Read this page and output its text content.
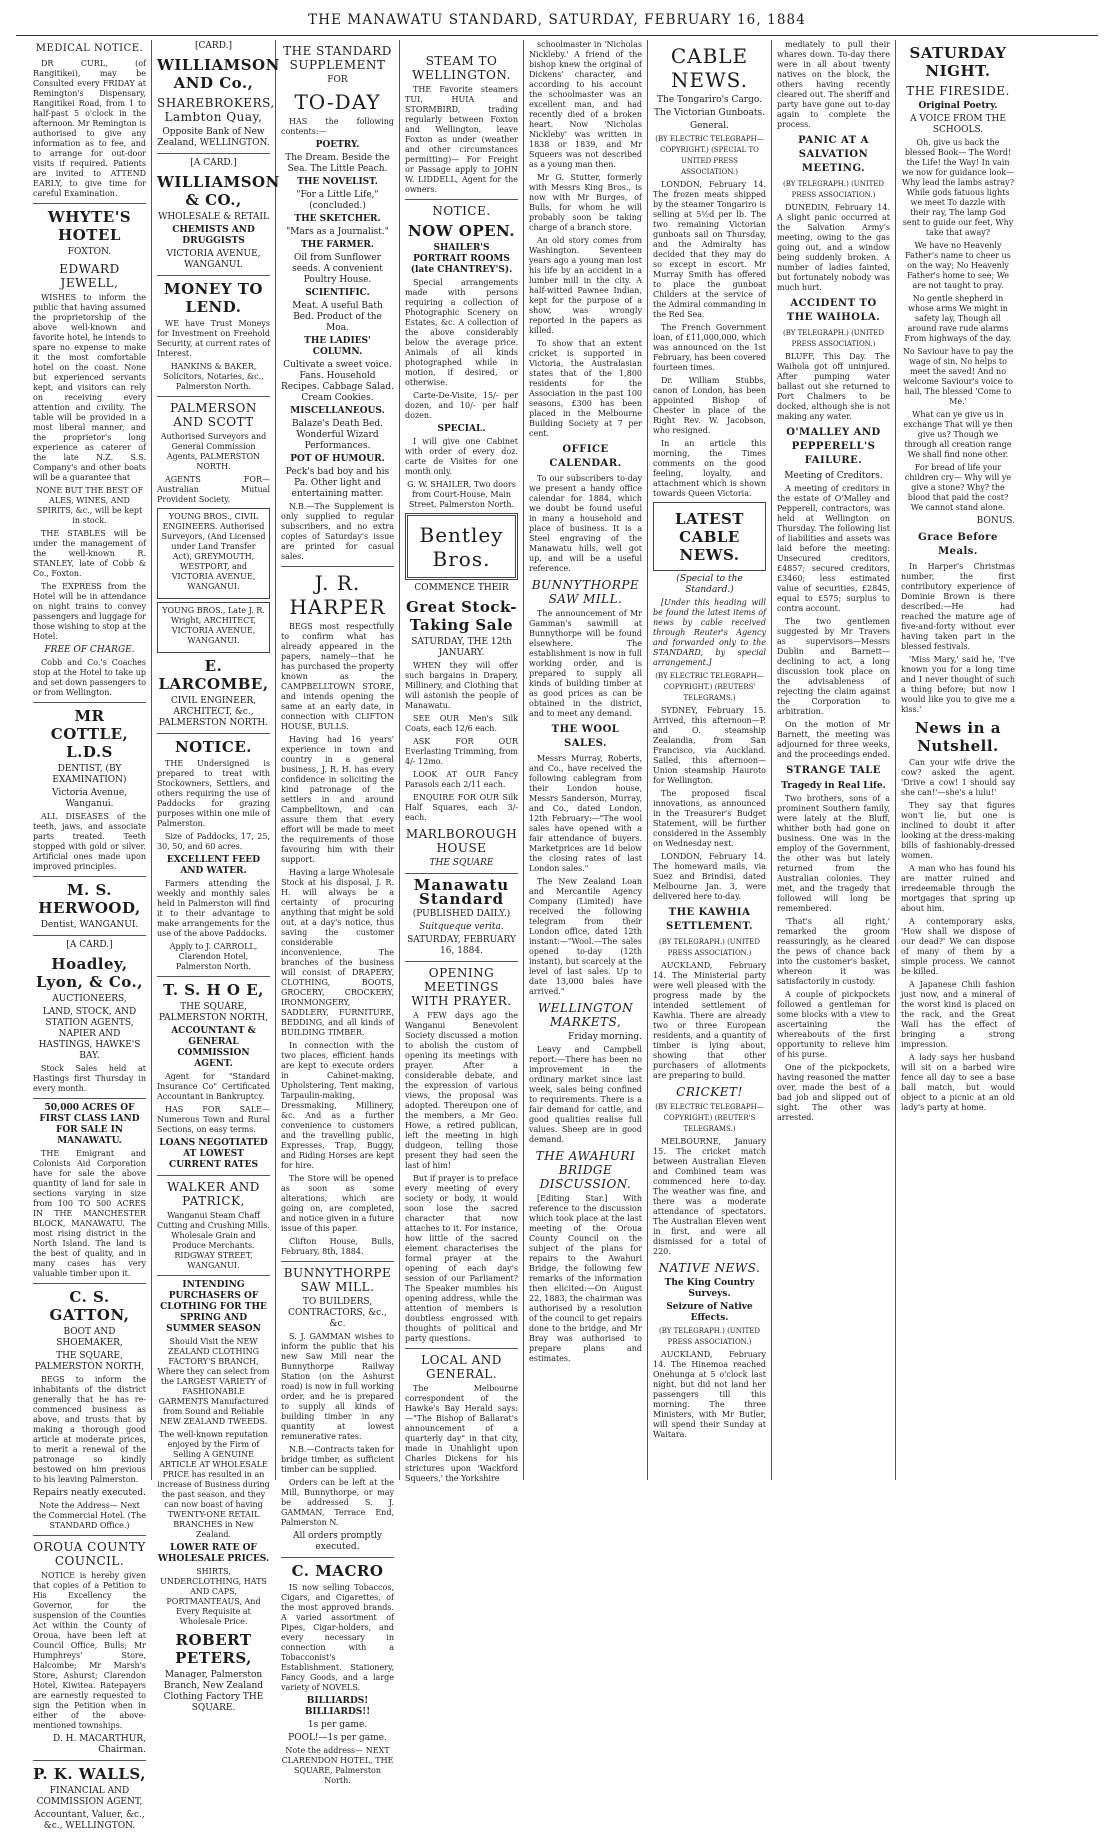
THE MANAWATU STANDARD, SATURDAY, FEBRUARY 16, 1884
MEDICAL NOTICE.

DR CURL, (of Rangitikei), may be Consulted every FRIDAY at Remington's Dispensary, Rangitikei Road, from 1 to half-past 5 o'clock in the afternoon. Mr Remington is authorised to give any information as to fee, and to arrange for out-door visits if required. Patients are invited to ATTEND EARLY, to give time for careful Examination.

WHYTE'S HOTEL
FOXTON.
EDWARD JEWELL,

WISHES to inform the public that having assumed the proprietorship of the above well-known and favorite hotel, he intends to spare no expense to make it the most comfortable hotel on the coast. None but experienced servants kept, and visitors can rely on receiving every attention and civility. The table will be provided in a most liberal manner, and the proprietor's long experience as caterer of the late N.Z. S.S. Company's and other boats will be a guarantee that

NONE BUT THE BEST OF ALES, WINES, AND SPIRITS, &c., will be kept in stock.

THE STABLES will be under the management of the well-known R. STANLEY, late of Cobb & Co., Foxton.

The EXPRESS from the Hotel will be in attendance on night trains to convey passengers and luggage for those wishing to stop at the Hotel.

FREE OF CHARGE.

Cobb and Co.'s Coaches stop at the Hotel to take up and set down passengers to or from Wellington.

MR COTTLE, L.D.S
DENTIST, (BY EXAMINATION)
Victoria Avenue, Wanganui.

ALL DISEASES of the teeth, jaws, and associate parts treated. Teeth stopped with gold or silver. Artificial ones made upon improved principles.

M. S. HERWOOD,
Dentist, WANGANUI.
[A CARD.]
Hoadley, Lyon, & Co.,
AUCTIONEERS,
LAND, STOCK, AND STATION AGENTS, NAPIER AND HASTINGS, HAWKE'S BAY.

Stock Sales held at Hastings first Thursday in every month.

50,000 ACRES OF FIRST CLASS LAND FOR SALE IN MANAWATU.

THE Emigrant and Colonists Aid Corporation have for sale the above quantity of land for sale in sections varying in size from 100 TO 500 ACRES IN THE MANCHESTER BLOCK, MANAWATU. The most rising district in the North Island. The land is the best of quality, and in many cases has very valuable timber upon it.

C. S. GATTON,
BOOT AND SHOEMAKER,
THE SQUARE, PALMERSTON NORTH,

BEGS to inform the inhabitants of the district generally that he has re-commenced business as above, and trusts that by making a thorough good article at moderate prices, to merit a renewal of the patronage so kindly bestowed on him previous to his leaving Palmerston.

Repairs neatly executed.

Note the Address— Next the Commercial Hotel. (The STANDARD Office.)

OROUA COUNTY COUNCIL.

NOTICE is hereby given that copies of a Petition to His Excellency the Governor, for the suspension of the Counties Act within the County of Oroua, have been left at Council Office, Bulls; Mr Humphreys' Store, Halcombe; Mr Marsh's Store, Ashurst; Clarendon Hotel, Kiwitea. Ratepayers are earnestly requested to sign the Petition when in either of the above-mentioned townships.

D. H. MACARTHUR, Chairman.
P. K. WALLS,
FINANCIAL AND COMMISSION AGENT,
Accountant, Valuer, &c., &c., WELLINGTON.
[CARD.]
WILLIAMSON AND Co.,
SHAREBROKERS, Lambton Quay,
Opposite Bank of New Zealand, WELLINGTON.
[A CARD.]
WILLIAMSON & CO.,
WHOLESALE & RETAIL
CHEMISTS AND DRUGGISTS
VICTORIA AVENUE, WANGANUI.
MONEY TO LEND.

WE have Trust Moneys for Investment on Freehold Security, at current rates of Interest.

HANKINS & BAKER, Solicitors, Notaries, &c., Palmerston North.

PALMERSON AND SCOTT

Authorised Surveyors and General Commission Agents, PALMERSTON NORTH.

AGENTS FOR—Australian Mutual Provident Society.

YOUNG BROS., CIVIL ENGINEERS. Authorised Surveyors, (And Licensed under Land Transfer Act), GREYMOUTH, WESTPORT, and VICTORIA AVENUE, WANGANUI.

YOUNG BROS., Late J. R. Wright, ARCHITECT, VICTORIA AVENUE, WANGANUI.

E. LARCOMBE,
CIVIL ENGINEER, ARCHITECT, &c., PALMERSTON NORTH.
NOTICE.

THE Undersigned is prepared to treat with Stockowners, Settlers, and others requiring the use of Paddocks for grazing purposes within one mile of Palmerston.

Size of Paddocks, 17, 25, 30, 50, and 60 acres.

EXCELLENT FEED AND WATER.

Farmers attending the weekly and monthly sales held in Palmerston will find it to their advantage to make arrangements for the use of the above Paddocks.

Apply to J. CARROLL, Clarendon Hotel, Palmerston North.

T. S. H O E,
THE SQUARE, PALMERSTON NORTH,
ACCOUNTANT & GENERAL COMMISSION AGENT.

Agent for "Standard Insurance Co" Certificated Accountant in Bankruptcy.

HAS FOR SALE—Numerous Town and Rural Sections, on easy terms.

LOANS NEGOTIATED AT LOWEST CURRENT RATES
WALKER AND PATRICK,

Wanganui Steam Chaff Cutting and Crushing Mills. Wholesale Grain and Produce Merchants. RIDGWAY STREET, WANGANUI.

INTENDING PURCHASERS OF CLOTHING FOR THE SPRING AND SUMMER SEASON

Should Visit the NEW ZEALAND CLOTHING FACTORY'S BRANCH, Where they can select from the LARGEST VARIETY of FASHIONABLE GARMENTS Manufactured from Sound and Reliable NEW ZEALAND TWEEDS.

The well-known reputation enjoyed by the Firm of Selling A GENUINE ARTICLE AT WHOLESALE PRICE has resulted in an increase of Business during the past season, and they can now boast of having TWENTY-ONE RETAIL BRANCHES in New Zealand.

LOWER RATE OF WHOLESALE PRICES.

SHIRTS, UNDERCLOTHING, HATS AND CAPS, PORTMANTEAUS, And Every Requisite at Wholesale Price.

ROBERT PETERS,
Manager, Palmerston Branch, New Zealand Clothing Factory THE SQUARE.
THE STANDARD SUPPLEMENT
FOR
TO-DAY

HAS the following contents:—

POETRY.
The Dream. Beside the Sea. The Little Peach.
THE NOVELIST.
"For a Little Life," (concluded.)
THE SKETCHER.
"Mars as a Journalist."
THE FARMER.
Oil from Sunflower seeds. A convenient Poultry House.
SCIENTIFIC.
Meat. A useful Bath Bed. Product of the Moa.
THE LADIES' COLUMN.
Cultivate a sweet voice. Fans. Household Recipes. Cabbage Salad. Cream Cookies.
MISCELLANEOUS.
Balaze's Death Bed. Wonderful Wizard Performances.
POT OF HUMOUR.
Peck's bad boy and his Pa. Other light and entertaining matter.

N.B.—The Supplement is only supplied to regular subscribers, and no extra copies of Saturday's issue are printed for casual sales.

J. R. HARPER

BEGS most respectfully to confirm what has already appeared in the papers, namely—that he has purchased the property known as the CAMPBELLTOWN STORE, and intends opening the same at an early date, in connection with CLIFTON HOUSE, BULLS.

Having had 16 years' experience in town and country in a general business, J. R. H. has every confidence in soliciting the kind patronage of the settlers in and around Campbelltown, and can assure them that every effort will be made to meet the requirements of those favouring him with their support.

Having a large Wholesale Stock at his disposal, J. R. H. will always be a certainty of procuring anything that might be sold out, at a day's notice, thus saving the customer considerable inconvenience. The branches of the business will consist of DRAPERY, CLOTHING, BOOTS, GROCERY, CROCKERY, IRONMONGERY, SADDLERY, FURNITURE, BEDDING, and all kinds of BUILDING TIMBER.

In connection with the two places, efficient hands are kept to execute orders in Cabinet-making, Upholstering, Tent making, Tarpaulin-making, Dressmaking, Millinery, &c. And as a further convenience to customers and the travelling public, Expresses, Trap, Buggy, and Riding Horses are kept for hire.

The Store will be opened as soon as some alterations, which are going on, are completed, and notice given in a future issue of this paper.

Clifton House, Bulls, February, 8th, 1884.

BUNNYTHORPE SAW MILL.
TO BUILDERS, CONTRACTORS, &c., &c.

S. J. GAMMAN wishes to inform the public that his new Saw Mill near the Bunnythorpe Railway Station (on the Ashurst road) is now in full working order, and he is prepared to supply all kinds of building timber in any quantity at lowest remunerative rates.

N.B.—Contracts taken for bridge timber, as sufficient timber can be supplied.

Orders can be left at the Mill, Bunnythorpe, or may be addressed S. J. GAMMAN, Terrace End, Palmerston N.

All orders promptly executed.
C. MACRO

IS now selling Tobaccos, Cigars, and Cigarettes, of the most approved brands. A varied assortment of Pipes, Cigar-holders, and every necessary in connection with a Tobacconist's Establishment. Stationery, Fancy Goods, and a large variety of NOVELS.

BILLIARDS! BILLIARDS!!
1s per game.
POOL!—1s per game.

Note the address— NEXT CLARENDON HOTEL, THE SQUARE, Palmerston North.

STEAM TO WELLINGTON.

THE Favorite steamers TUI, HUIA and STORMBIRD, trading regularly between Foxton and Wellington, leave Foxton as under (weather and other circumstances permitting)— For Freight or Passage apply to JOHN W. LIDDELL, Agent for the owners.

NOTICE.
NOW OPEN.
SHAILER'S PORTRAIT ROOMS (late CHANTREY'S).

Special arrangements made with persons requiring a collection of Photographic Scenery on Estates, &c. A collection of the above considerably below the average price. Animals of all kinds photographed while in motion, if desired, or otherwise.

Carte-De-Visite, 15/- per dozen, and 10/- per half dozen.

SPECIAL.

I will give one Cabinet with order of every doz. carte de Visites for one month only.

G. W. SHAILER, Two doors from Court-House, Main Street, Palmerston North.

Bentley Bros.
COMMENCE THEIR
Great Stock-Taking Sale
SATURDAY, THE 12th JANUARY.

WHEN they will offer such bargains in Drapery, Millinery, and Clothing that will astonish the people of Manawatu.

SEE OUR Men's Silk Coats, each 12/6 each.

ASK FOR OUR Everlasting Trimming, from 4/- 12mo.

LOOK AT OUR Fancy Parasols each 2/11 each.

ENQUIRE FOR OUR Silk Half Squares, each 3/- each.

MARLBOROUGH HOUSE
THE SQUARE
Manawatu Standard
(PUBLISHED DAILY.)
Suitqueque verita.
SATURDAY, FEBRUARY 16, 1884.
OPENING MEETINGS WITH PRAYER.

A FEW days ago the Wanganui Benevolent Society discussed a motion to abolish the custom of opening its meetings with prayer. After a considerable debate, and the expression of various views, the proposal was adopted. Thereupon one of the members, a Mr Geo. Howe, a retired publican, left the meeting in high dudgeon, telling those present they had seen the last of him!

But if prayer is to preface every meeting of every society or body, it would soon lose the sacred character that now attaches to it. For instance, how little of the sacred element characterises the formal prayer at the opening of each day's session of our Parliament? The Speaker mumbles his opening address, while the attention of members is doubtless engrossed with thoughts of political and party questions.

LOCAL AND GENERAL.

The Melbourne correspondent of the Hawke's Bay Herald says:—"The Bishop of Ballarat's announcement of a quarterly day" in that city, made in Unahlight upon Charles Dickens for his strictures upon 'Wackford Squeers,' the Yorkshire

schoolmaster in 'Nicholas Nickleby.' A friend of the bishop knew the original of Dickens' character, and according to his account the schoolmaster was an excellent man, and had recently died of a broken heart. Now 'Nicholas Nickleby' was written in 1838 or 1839, and Mr Squeers was not described as a young man then.

Mr G. Stutter, formerly with Messrs King Bros., is now with Mr Burges, of Bulls, for whom he will probably soon be taking charge of a branch store.

An old story comes from Washington. Seventeen years ago a young man lost his life by an accident in a lumber mill in the city. A half-witted Pawnee Indian, kept for the purpose of a show, was wrongly reported in the papers as killed.

To show that an extent cricket is supported in Victoria, the Australasian states that of the 1,800 residents for the Association in the past 100 seasons, £300 has been placed in the Melbourne Building Society at 7 per cent.

OFFICE CALENDAR.

To our subscribers to-day we present a handy office calendar for 1884, which we doubt be found useful in many a household and place of business. It is a Steel engraving of the Manawatu hills, well got up, and will be a useful reference.

BUNNYTHORPE SAW MILL.

The announcement of Mr Gamman's sawmill at Bunnythorpe will be found elsewhere. The establishment is now in full working order, and is prepared to supply all kinds of building timber at as good prices as can be obtained in the district, and to meet any demand.

THE WOOL SALES.

Messrs Murray, Roberts, and Co., have received the following cablegram from their London house, Messrs Sanderson, Murray, and Co., dated London, 12th February:—"The wool sales have opened with a fair attendance of buyers. Marketprices are 1d below the closing rates of last London sales."

The New Zealand Loan and Mercantile Agency Company (Limited) have received the following telegram from their London office, dated 12th instant:—"Wool.—The sales opened to-day (12th instant), but scarcely at the level of last sales. Up to date 13,000 bales have arrived."

WELLINGTON MARKETS,
Friday morning.

Leavy and Campbell report:—There has been no improvement in the ordinary market since last week, sales being confined to requirements. There is a fair demand for cattle, and good qualities realise full values. Sheep are in good demand.

THE AWAHURI BRIDGE DISCUSSION.

[Editing Star.] With reference to the discussion which took place at the last meeting of the Oroua County Council on the subject of the plans for repairs to the Awahuri Bridge, the following few remarks of the information then elicited:—On August 22, 1883, the chairman was authorised by a resolution of the council to get repairs done to the bridge, and Mr Bray was authorised to prepare plans and estimates.

CABLE NEWS.
The Tongariro's Cargo.
The Victorian Gunboats.
General.
(BY ELECTRIC TELEGRAPH—COPYRIGHT.) (SPECIAL TO UNITED PRESS ASSOCIATION.)

LONDON, February 14. The frozen meats shipped by the steamer Tongariro is selling at 5½d per lb. The two remaining Victorian gunboats sail on Thursday, and the Admiralty has decided that they may do so except in escort. Mr Murray Smith has offered to place the gunboat Childers at the service of the Admiral commanding in the Red Sea.

The French Government loan, of £11,000,000, which was announced on the 1st February, has been covered fourteen times.

Dr. William Stubbs, canon of London, has been appointed Bishop of Chester in place of the Right Rev. W. Jacobson, who resigned.

In an article this morning, the Times comments on the good feeling, loyalty, and attachment which is shown towards Queen Victoria.

LATEST CABLE NEWS.
(Special to the Standard.)

[Under this heading will be found the latest items of news by cable received through Reuter's Agency and forwarded only to the STANDARD, by special arrangement.]

(BY ELECTRIC TELEGRAPH—COPYRIGHT.) (REUTERS' TELEGRAMS.)

SYDNEY, February 15. Arrived, this afternoon—P. and O. steamship Zealandia, from San Francisco, via Auckland. Sailed, this afternoon—Union steamship Hauroto for Wellington.

The proposed fiscal innovations, as announced in the Treasurer's Budget Statement, will be further considered in the Assembly on Wednesday next.

LONDON, February 14. The homeward mails, via Suez and Brindisi, dated Melbourne Jan. 3, were delivered here to-day.

THE KAWHIA SETTLEMENT.
(BY TELEGRAPH.) (UNITED PRESS ASSOCIATION.)

AUCKLAND, February 14. The Ministerial party were well pleased with the progress made by the intended settlement of Kawhia. There are already two or three European residents, and a quantity of timber is lying about, showing that other purchasers of allotments are preparing to build.

CRICKET!
(BY ELECTRIC TELEGRAPH—COPYRIGHT.) (REUTER'S TELEGRAMS.)

MELBOURNE, January 15. The cricket match between Australian Eleven and Combined team was commenced here to-day. The weather was fine, and there was a moderate attendance of spectators. The Australian Eleven went in first, and were all dismissed for a total of 220.

NATIVE NEWS.
The King Country Surveys.
Seizure of Native Effects.
(BY TELEGRAPH.) (UNITED PRESS ASSOCIATION.)

AUCKLAND, February 14. The Hinemoa reached Onehunga at 5 o'clock last night, but did not land her passengers till this morning. The three Ministers, with Mr Butler, will spend their Sunday at Waitara.

mediately to pull their whares down. To-day there were in all about twenty natives on the block, the others having recently cleared out. The sheriff and party have gone out to-day again to complete the process.

PANIC AT A SALVATION MEETING.
(BY TELEGRAPH.) (UNITED PRESS ASSOCIATION.)

DUNEDIN, February 14. A slight panic occurred at the Salvation Army's meeting, owing to the gas going out, and a window being suddenly broken. A number of ladies fainted, but fortunately nobody was much hurt.

ACCIDENT TO THE WAIHOLA.
(BY TELEGRAPH.) (UNITED PRESS ASSOCIATION.)

BLUFF, This Day. The Waihola got off uninjured. After pumping water ballast out she returned to Port Chalmers to be docked, although she is not making any water.

O'MALLEY AND PEPPERELL'S FAILURE.
Meeting of Creditors.

A meeting of creditors in the estate of O'Malley and Pepperell, contractors, was held at Wellington on Thursday. The following list of liabilities and assets was laid before the meeting: Unsecured creditors, £4857; secured creditors, £3460; less estimated value of securities, £2845, equal to £575; surplus to contra account.

The two gentlemen suggested by Mr Travers as supervisors—Messrs Dublin and Barnett—declining to act, a long discussion took place on the advisableness of rejecting the claim against the Corporation to arbitration.

On the motion of Mr Barnett, the meeting was adjourned for three weeks, and the proceedings ended.

STRANGE TALE
Tragedy in Real Life.

Two brothers, sons of a prominent Southern family, were lately at the Bluff, whither both had gone on business. One was in the employ of the Government, the other was but lately returned from the Australian colonies. They met, and the tragedy that followed will long be remembered.

'That's all right,' remarked the groom reassuringly, as he cleared the pews of chance back into the customer's basket, whereon it was satisfactorily in custody.

A couple of pickpockets followed a gentleman for some blocks with a view to ascertaining the whereabouts of the first opportunity to relieve him of his purse.

One of the pickpockets, having reasoned the matter over, made the best of a bad job and slipped out of sight. The other was arrested.

SATURDAY NIGHT.
THE FIRESIDE.
Original Poetry.
A VOICE FROM THE SCHOOLS.

Oh, give us back the blessed Book— The Word! the Life! the Way! In vain we now for guidance look— Why lead the lambs astray? While gods fatuous lights we meet To dazzle with their ray, The lamp God sent to guide our feet, Why take that away?

We have no Heavenly Father's name to cheer us on the way; No Heavenly Father's home to see; We are not taught to pray.

No gentle shepherd in whose arms We might in safety lay, Though all around rave rude alarms From highways of the day.

No Saviour have to pay the wage of sin, No helps to meet the saved! And no welcome Saviour's voice to hail, The blessed 'Come to Me.'

What can ye give us in exchange That will ye then give us? Though we through all creation range We shall find none other.

For bread of life your children cry— Why will ye give a stone? Why? the blood that paid the cost? We cannot stand alone.

BONUS.
Grace Before Meals.

In Harper's Christmas number, the first contributory experience of Dominie Brown is there described:—He had reached the mature age of five-and-forty without ever having taken part in the blessed festivals.

'Miss Mary,' said he, 'I've known you for a long time and I never thought of such a thing before; but now I would like you to give me a kiss.'

News in a Nutshell.

Can your wife drive the cow? asked the agent. 'Drive a cow! I should say she can!'—she's a lulu!'

They say that figures won't lie, but one is inclined to doubt it after looking at the dress-making bills of fashionably-dressed women.

A man who has found his are matter ruined and irredeemable through the mortgages that spring up about him.

A contemporary asks, 'How shall we dispose of our dead?' We can dispose of many of them by a simple process. We cannot be killed.

A Japanese Chili fashion just now, and a mineral of the worst kind is placed on the rack, and the Great Wall has the effect of bringing a strong impression.

A lady says her husband will sit on a barbed wire fence all day to see a base ball match, but would object to a picnic at an old lady's party at home.
